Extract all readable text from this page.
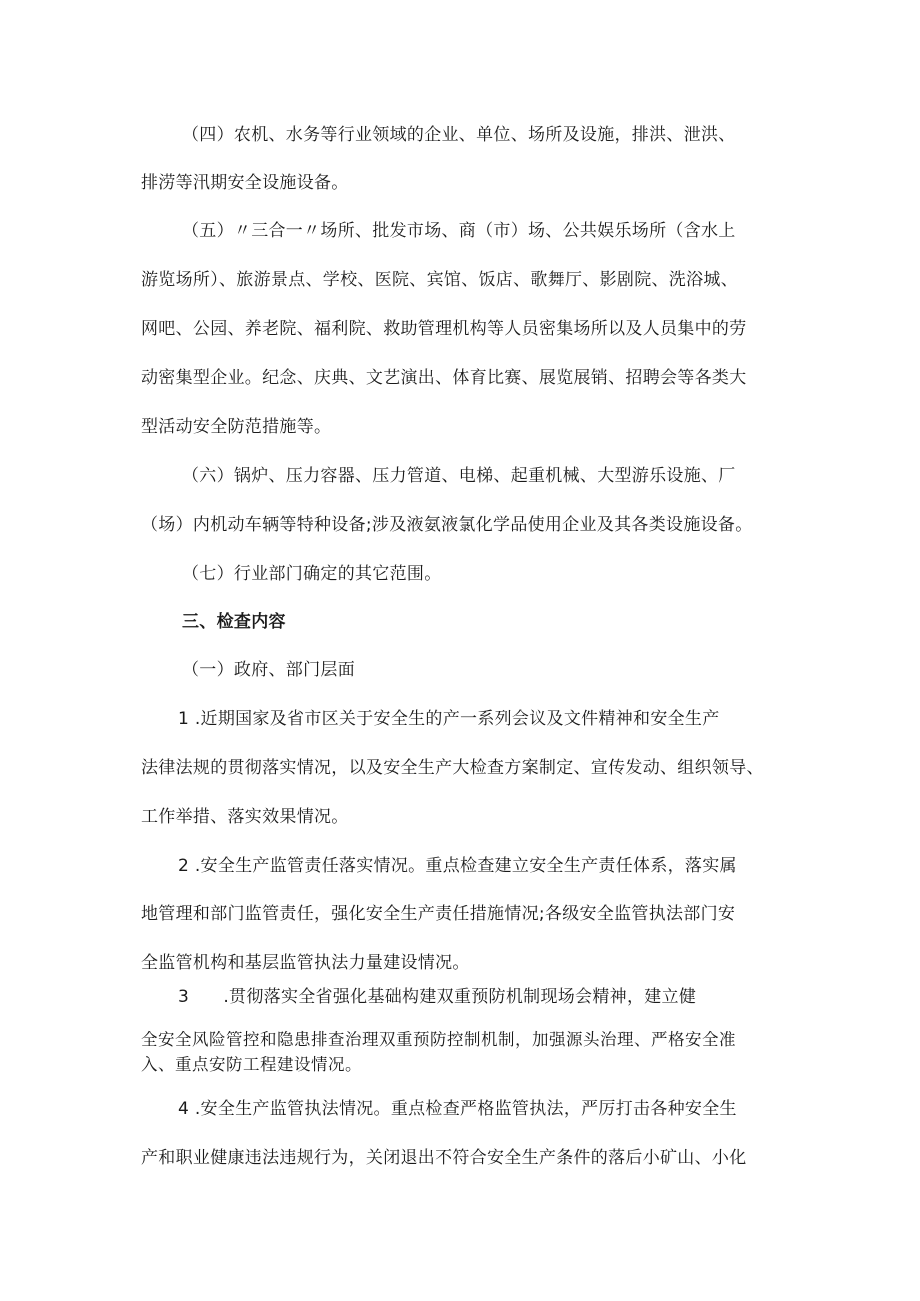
（四）农机、水务等行业领域的企业、单位、场所及设施，排洪、泄洪、
排涝等汛期安全设施设备。
（五）〃三合一〃场所、批发市场、商（市）场、公共娱乐场所（含水上
游览场所）、旅游景点、学校、医院、宾馆、饭店、歌舞厅、影剧院、洗浴城、
网吧、公园、养老院、福利院、救助管理机构等人员密集场所以及人员集中的劳
动密集型企业。纪念、庆典、文艺演出、体育比赛、展览展销、招聘会等各类大
型活动安全防范措施等。
（六）锅炉、压力容器、压力管道、电梯、起重机械、大型游乐设施、厂
（场）内机动车辆等特种设备;涉及液氨液氯化学品使用企业及其各类设施设备。
（七）行业部门确定的其它范围。
三、检查内容
（一）政府、部门层面
1 .近期国家及省市区关于安全生的产一系列会议及文件精神和安全生产
法律法规的贯彻落实情况，以及安全生产大检查方案制定、宣传发动、组织领导、
工作举措、落实效果情况。
2 .安全生产监管责任落实情况。重点检查建立安全生产责任体系，落实属
地管理和部门监管责任，强化安全生产责任措施情况;各级安全监管执法部门安
全监管机构和基层监管执法力量建设情况。
3      .贯彻落实全省强化基础构建双重预防机制现场会精神，建立健
全安全风险管控和隐患排查治理双重预防控制机制，加强源头治理、严格安全准
入、重点安防工程建设情况。
4 .安全生产监管执法情况。重点检查严格监管执法，严厉打击各种安全生
产和职业健康违法违规行为，关闭退出不符合安全生产条件的落后小矿山、小化
